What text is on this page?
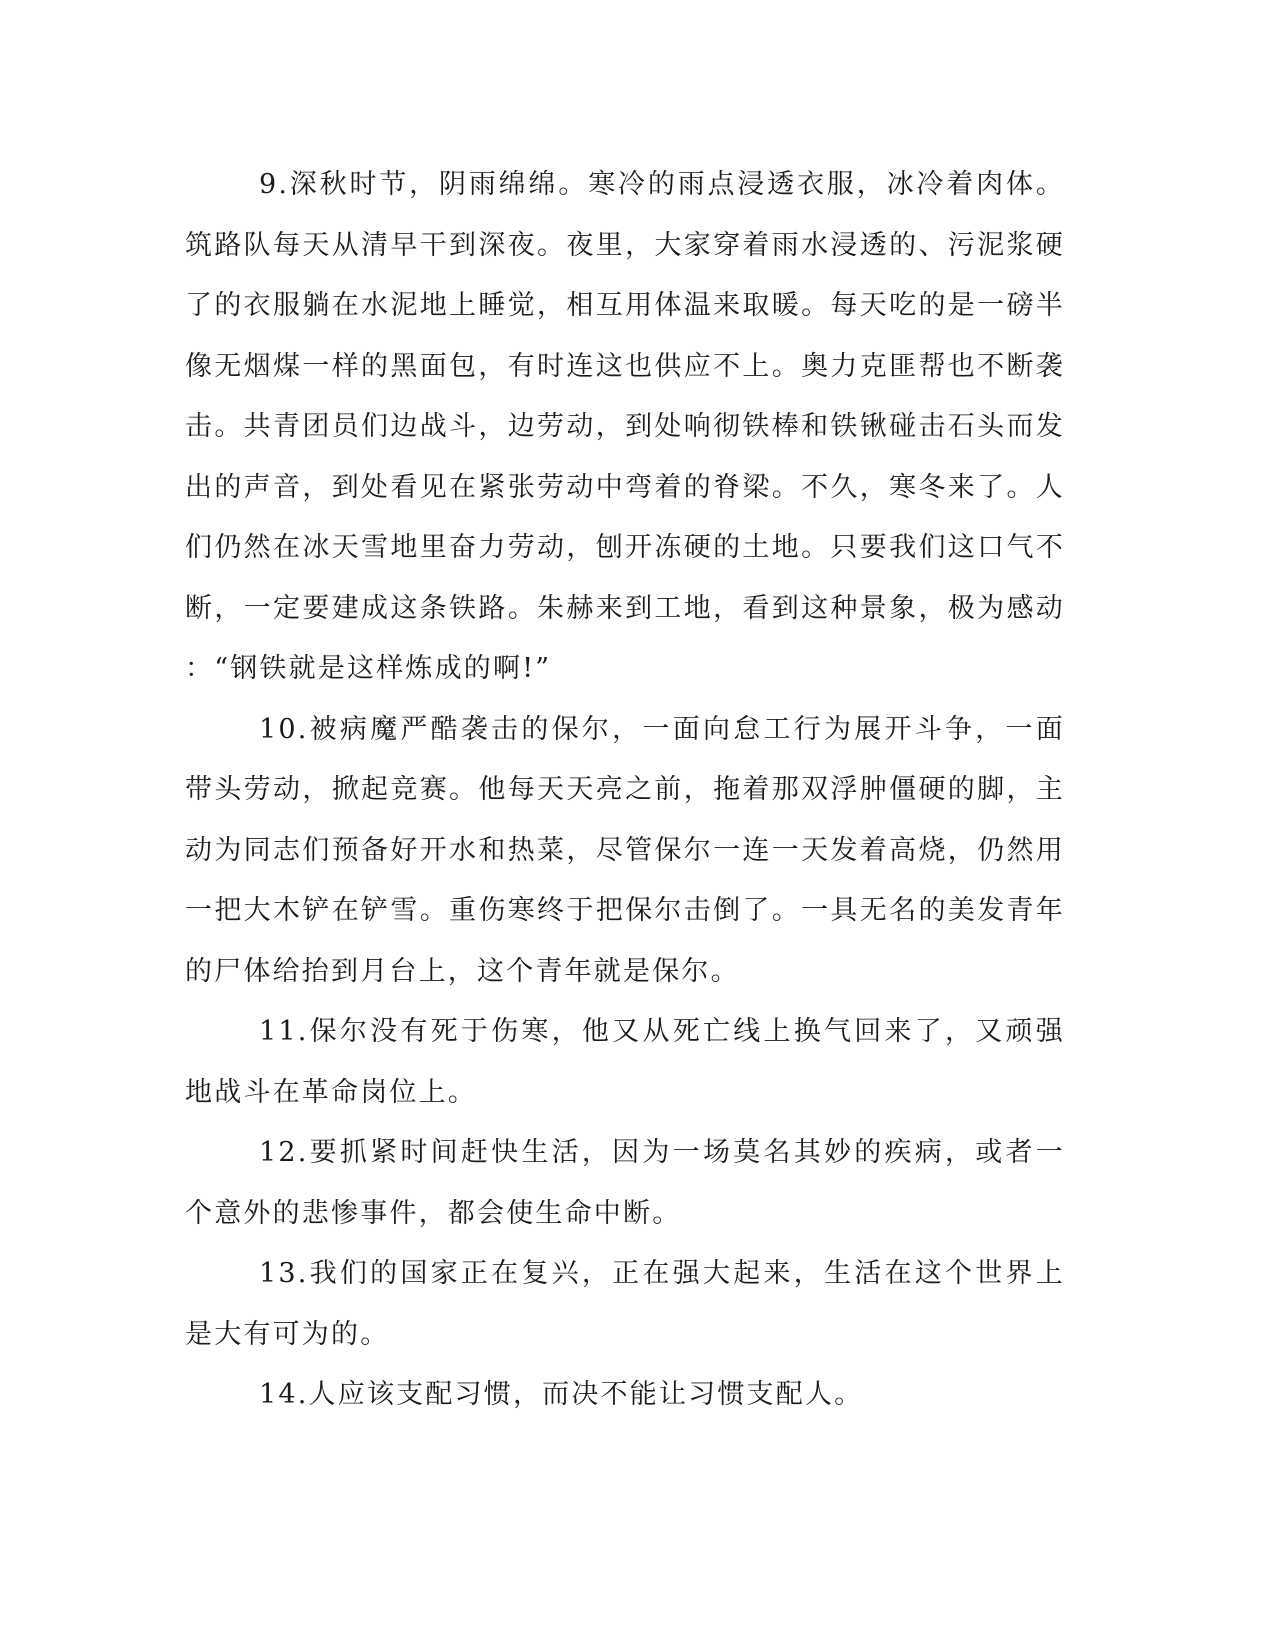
9.深秋时节，阴雨绵绵。寒冷的雨点浸透衣服，冰冷着肉体。筑路队每天从清早干到深夜。夜里，大家穿着雨水浸透的、污泥浆硬了的衣服躺在水泥地上睡觉，相互用体温来取暖。每天吃的是一磅半像无烟煤一样的黑面包，有时连这也供应不上。奥力克匪帮也不断袭击。共青团员们边战斗，边劳动，到处响彻铁棒和铁锹碰击石头而发出的声音，到处看见在紧张劳动中弯着的脊梁。不久，寒冬来了。人们仍然在冰天雪地里奋力劳动，刨开冻硬的土地。只要我们这口气不断，一定要建成这条铁路。朱赫来到工地，看到这种景象，极为感动：“钢铁就是这样炼成的啊!”

10.被病魔严酷袭击的保尔，一面向怠工行为展开斗争，一面带头劳动，掀起竞赛。他每天天亮之前，拖着那双浮肿僵硬的脚，主动为同志们预备好开水和热菜，尽管保尔一连一天发着高烧，仍然用一把大木铲在铲雪。重伤寒终于把保尔击倒了。一具无名的美发青年的尸体给抬到月台上，这个青年就是保尔。

11.保尔没有死于伤寒，他又从死亡线上换气回来了，又顽强地战斗在革命岗位上。

12.要抓紧时间赶快生活，因为一场莫名其妙的疾病，或者一个意外的悲惨事件，都会使生命中断。

13.我们的国家正在复兴，正在强大起来，生活在这个世界上是大有可为的。

14.人应该支配习惯，而决不能让习惯支配人。
